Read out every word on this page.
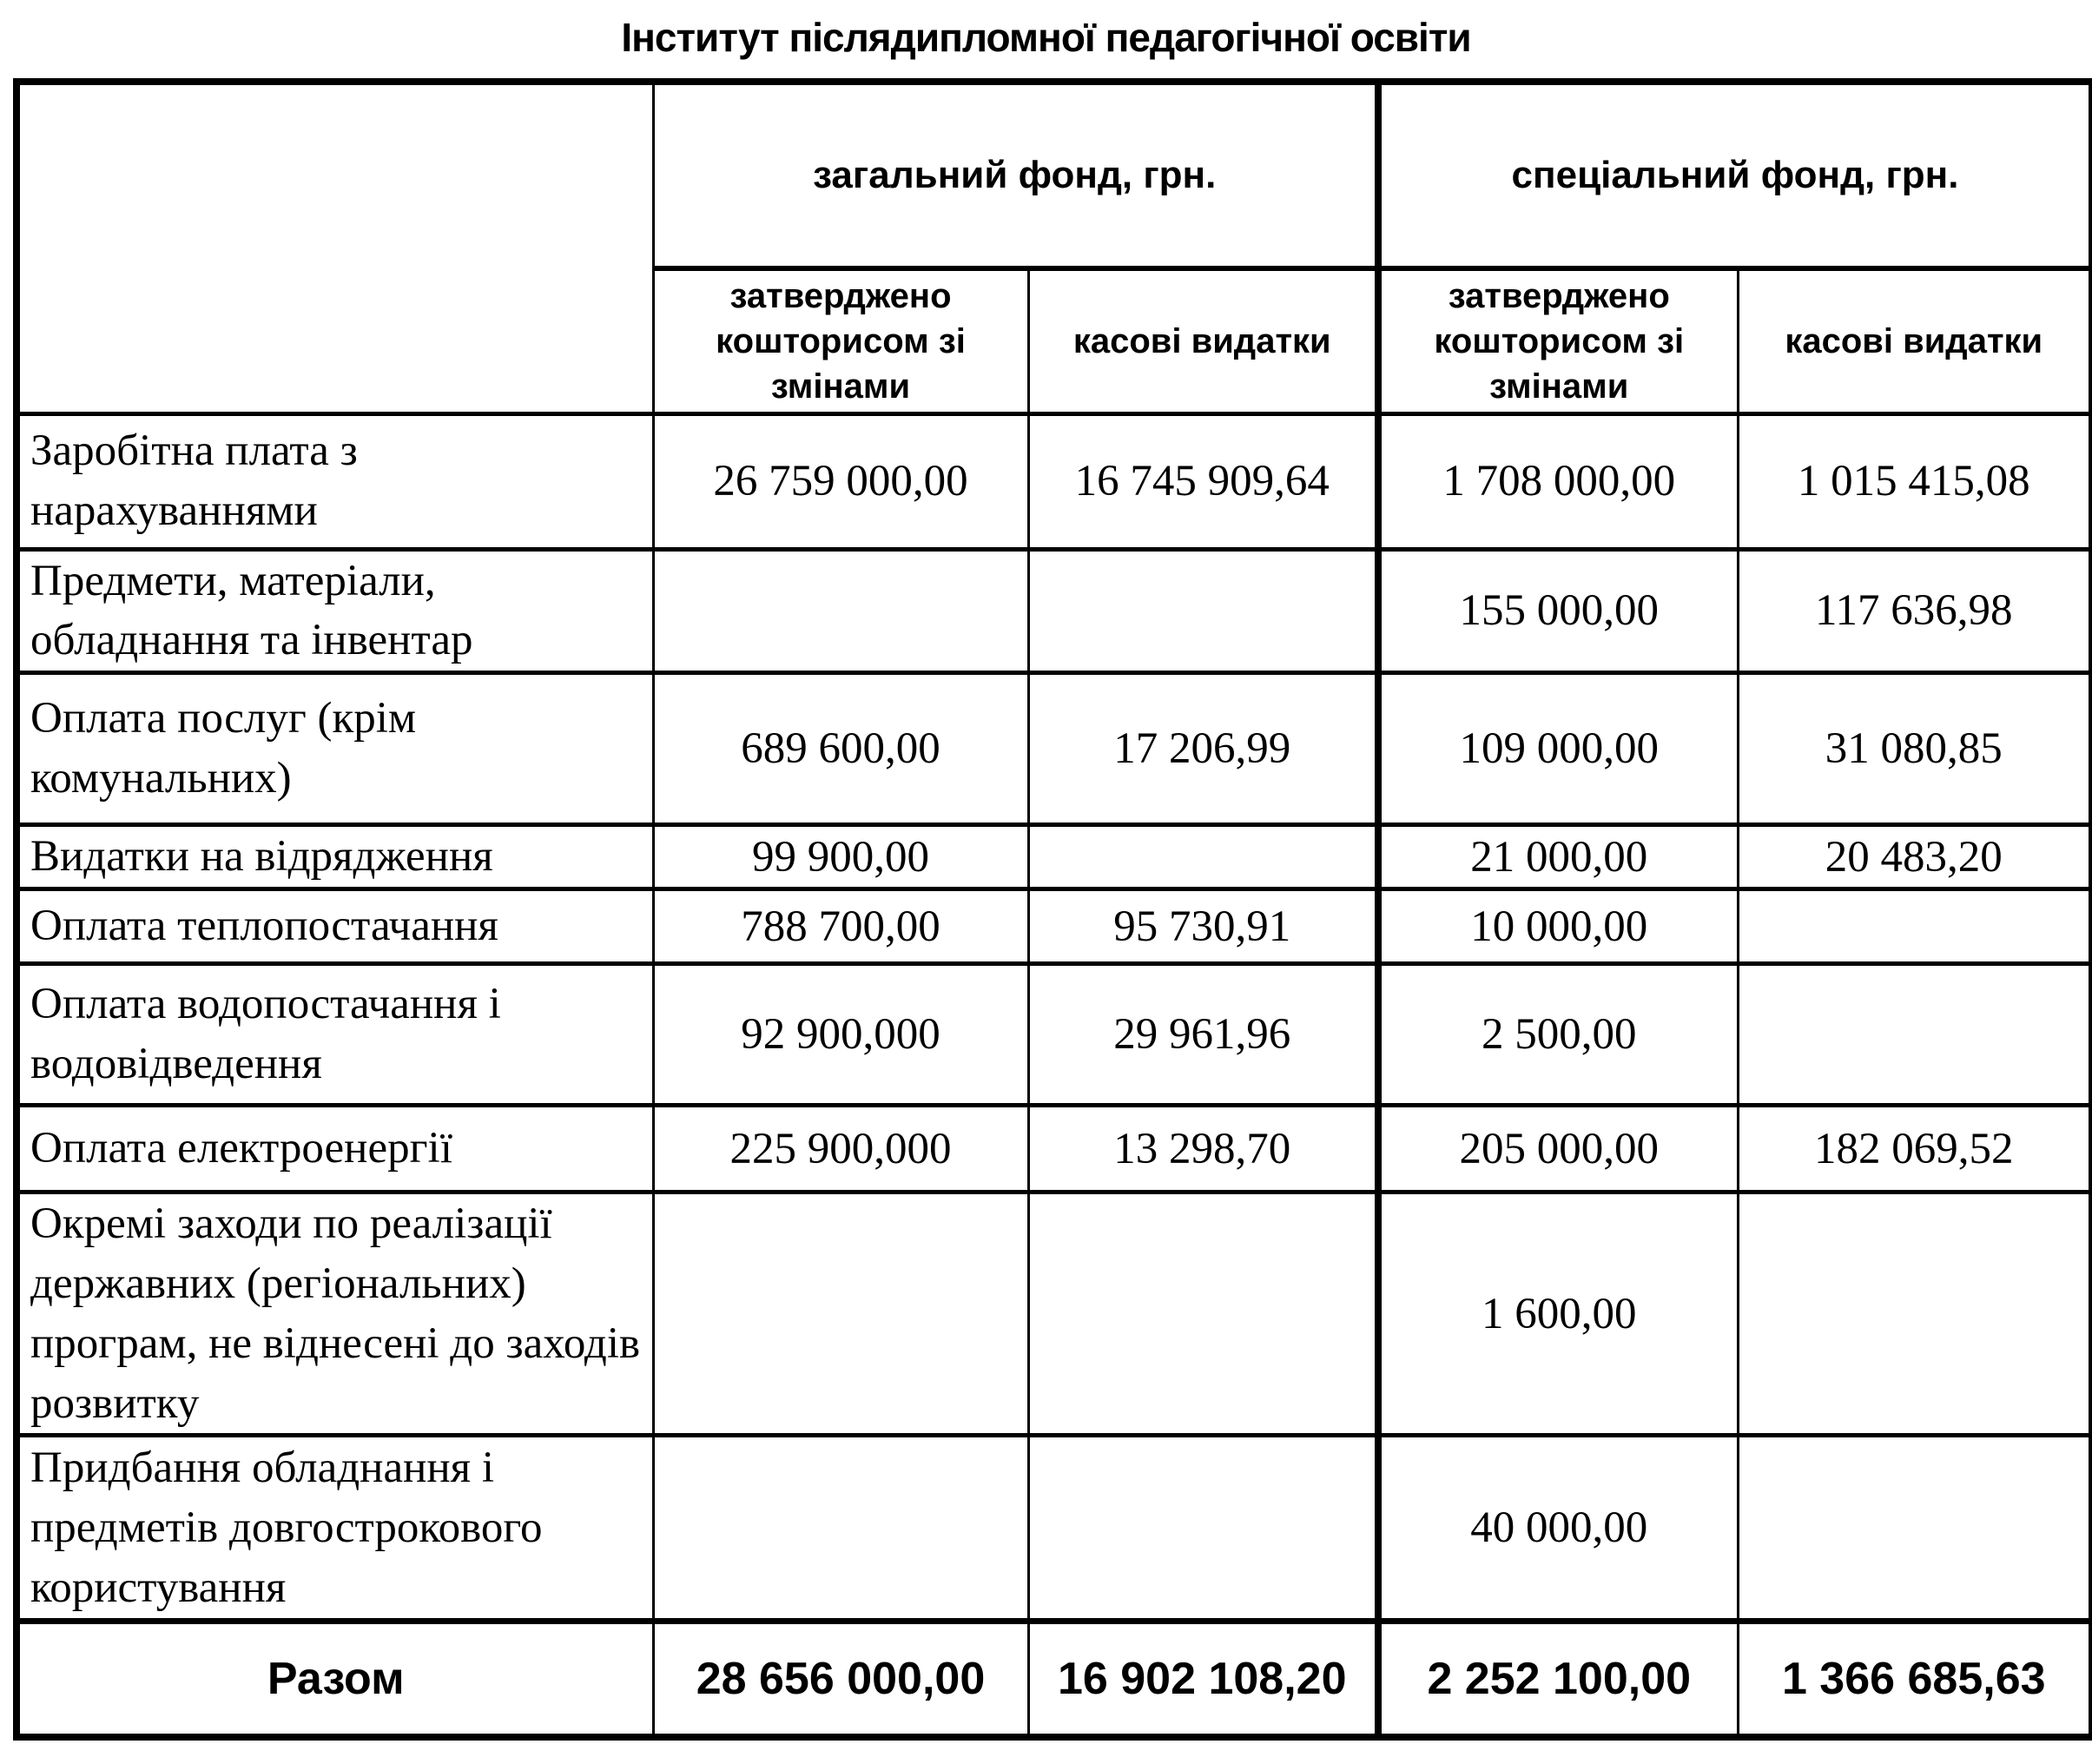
Інститут післядипломної педагогічної освіти
	загальний фонд, грн.		спеціальний фонд, грн.	
	затверджено кошторисом зі змінами	касові видатки	затверджено кошторисом зі змінами	касові видатки
Заробітна плата з нарахуваннями	26 759 000,00	16 745 909,64	1 708 000,00	1 015 415,08
Предмети, матеріали, обладнання та інвентар			155 000,00	117 636,98
Оплата послуг (крім комунальних)	689 600,00	17 206,99	109 000,00	31 080,85
Видатки на відрядження	99 900,00		21 000,00	20 483,20
Оплата теплопостачання	788 700,00	95 730,91	10 000,00	
Оплата водопостачання і водовідведення	92 900,000	29 961,96	2 500,00	
Оплата електроенергії	225 900,000	13 298,70	205 000,00	182 069,52
Окремі заходи по реалізації державних (регіональних) програм, не віднесені до заходів розвитку			1 600,00	
Придбання обладнання і предметів довгострокового користування			40 000,00	
Разом	28 656 000,00	16 902 108,20	2 252 100,00	1 366 685,63
